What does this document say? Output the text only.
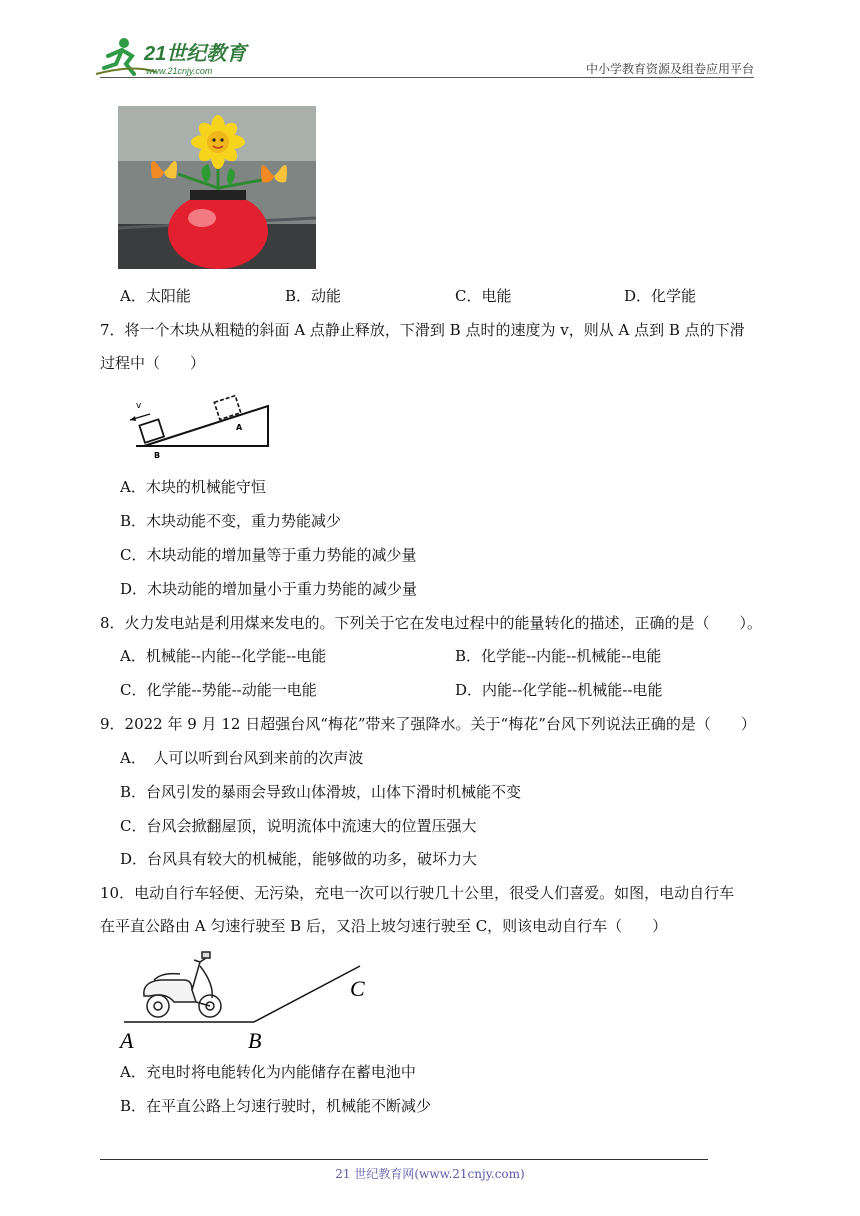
21世纪教育
www.21cnjy.com	中小学教育资源及组卷应用平台
A．太阳能	B．动能	C．电能	D．化学能
7．将一个木块从粗糙的斜面 A 点静止释放，下滑到 B 点时的速度为 v，则从 A 点到 B 点的下滑
过程中（　　）
v
A
B
A．木块的机械能守恒
B．木块动能不变，重力势能减少
C．木块动能的增加量等于重力势能的减少量
D．木块动能的增加量小于重力势能的减少量
8．火力发电站是利用煤来发电的。下列关于它在发电过程中的能量转化的描述，正确的是（　　）。
A．机械能--内能--化学能--电能	B．化学能--内能--机械能--电能
C．化学能--势能--动能一电能	D．内能--化学能--机械能--电能
9．2022 年 9 月 12 日超强台风“梅花”带来了强降水。关于“梅花”台风下列说法正确的是（　　）
A．　人可以听到台风到来前的次声波
B．台风引发的暴雨会导致山体滑坡，山体下滑时机械能不变
C．台风会掀翻屋顶，说明流体中流速大的位置压强大
D．台风具有较大的机械能，能够做的功多，破坏力大
10．电动自行车轻便、无污染，充电一次可以行驶几十公里，很受人们喜爱。如图，电动自行车
在平直公路由 A 匀速行驶至 B 后，又沿上坡匀速行驶至 C，则该电动自行车（　　）
A	B
C
A．充电时将电能转化为内能储存在蓄电池中
B．在平直公路上匀速行驶时，机械能不断减少
21 世纪教育网(www.21cnjy.com)
